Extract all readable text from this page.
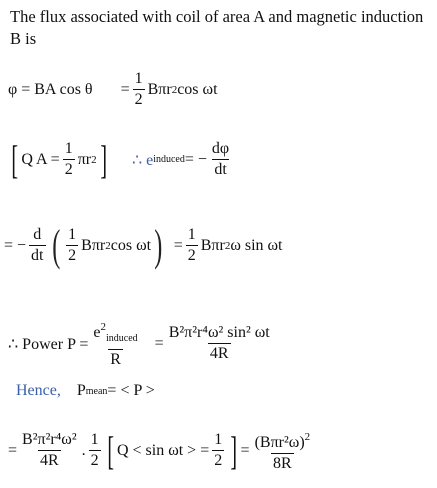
The flux associated with coil of area A and magnetic induction B is
φ = BA $\cos \theta = \frac{1}{2}$ Bπr 2 cos ωt
[ Q $A = \frac{1}{2}$ πr 2 ] ∴ e induced = − $\frac{d\varphi}{dt}$
= − $\frac{d}{dt}$ ( $\frac{1}{2}$ Bπr 2 cos ωt ) = $\frac{1}{2}$ Bπr 2 ω sin ωt
∴ Power $P = \frac{e^2_{induced}}{R} = \frac{\text{B²π²r⁴ω² sin² ωt}}{4R}$
Hence, P mean = < P >
= $\frac{\text{B²π²r⁴ω²}}{4R}$ . $\frac{1}{2}$ [ Q < sin ωt > = $\frac{1}{2}$ ] = $\frac{(B\pi r^2\omega)^2}{8R}$
